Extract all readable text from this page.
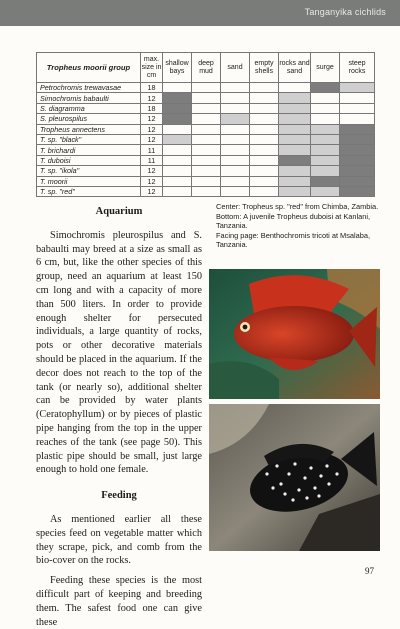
Tanganyika cichlids
Tropheus moorii group	max. size in cm	shallow bays	deep mud	sand	empty shells	rocks and sand	surge	steep rocks
Petrochromis trewavasae	18							
Simochromis babaulti	12							
S. diagramma	18							
S. pleurospilus	12							
Tropheus annectens	12							
T. sp. "black"	12							
T. brichardi	11							
T. duboisi	11							
T. sp. "ikola"	12							
T. moorii	12							
T. sp. "red"	12							
Aquarium

Simochromis pleurospilus and S. babaulti may breed at a size as small as 6 cm, but, like the other species of this group, need an aquarium at least 150 cm long and with a capacity of more than 500 liters. In order to provide enough shelter for persecuted individuals, a large quantity of rocks, pots or other decorative materials should be placed in the aquarium. If the decor does not reach to the top of the tank (or nearly so), additional shelter can be provided by water plants (Ceratophyllum) or by pieces of plastic pipe hanging from the top in the upper reaches of the tank (see page 50). This plastic pipe should be small, just large enough to hold one female.

Feeding

As mentioned earlier all these species feed on vegetable matter which they scrape, pick, and comb from the bio-cover on the rocks.

Feeding these species is the most difficult part of keeping and breeding them. The safest food one can give these

Center: Tropheus sp. "red" from Chimba, Zambia.
Bottom: A juvenile Tropheus duboisi at Kanlani, Tanzania.
Facing page: Benthochromis tricoti at Msalaba, Tanzania.
97
